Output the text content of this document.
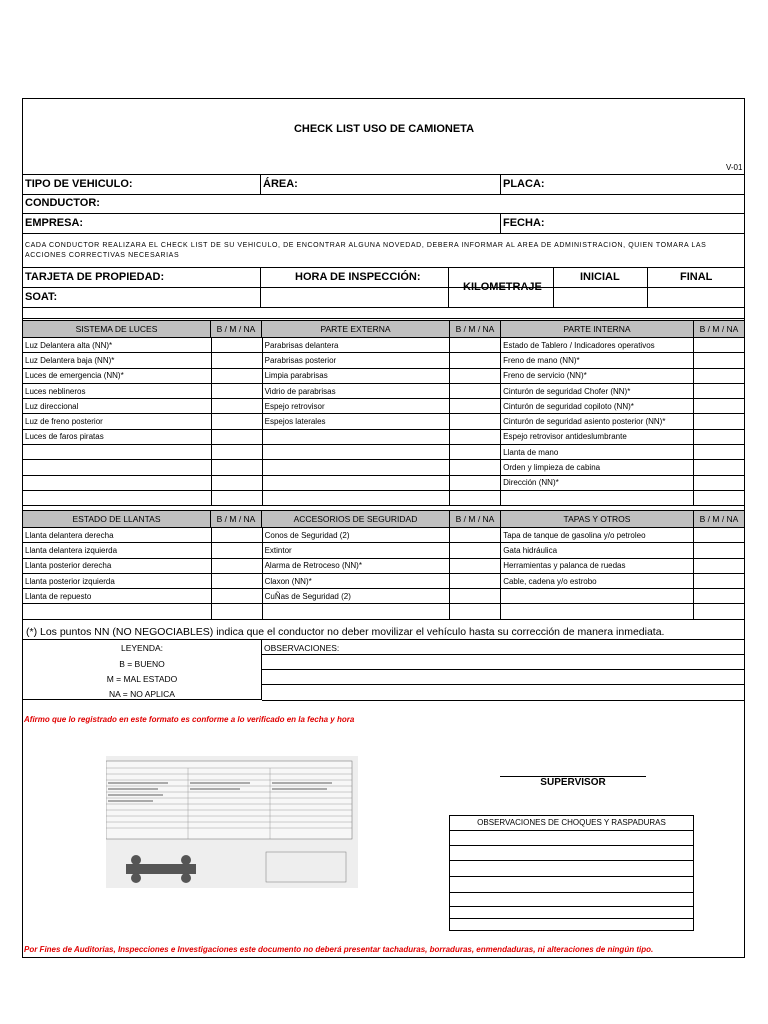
CHECK LIST USO DE CAMIONETA
V-01
TIPO DE VEHICULO:	ÁREA:	PLACA:
CONDUCTOR:
EMPRESA:	FECHA:
CADA CONDUCTOR REALIZARA EL CHECK LIST DE SU VEHICULO, DE ENCONTRAR ALGUNA NOVEDAD, DEBERA INFORMAR AL AREA DE ADMINISTRACION, QUIEN TOMARA LAS ACCIONES CORRECTIVAS NECESARIAS
TARJETA DE PROPIEDAD:	HORA DE INSPECCIÓN:
KILOMETRAJE
INICIAL	FINAL
SOAT:
SISTEMA DE LUCES	B / M / NA	PARTE EXTERNA	B / M / NA	PARTE INTERNA	B / M / NA
Luz Delantera alta (NN)*		Parabrisas delantera		Estado de Tablero / Indicadores operativos	
Luz Delantera baja (NN)*		Parabrisas posterior		Freno de mano (NN)*	
Luces de emergencia (NN)*		Limpia parabrisas		Freno de servicio (NN)*	
Luces neblineros		Vidrio de parabrisas		Cinturón de seguridad Chofer (NN)*	
Luz direccional		Espejo retrovisor		Cinturón de seguridad copiloto (NN)*	
Luz de freno posterior		Espejos laterales		Cinturón de seguridad asiento posterior (NN)*	
Luces de faros piratas				Espejo retrovisor antideslumbrante	
				Llanta de mano	
				Orden y limpieza de cabina	
				Dirección (NN)*	

ESTADO DE LLANTAS	B / M / NA	ACCESORIOS DE SEGURIDAD	B / M / NA	TAPAS Y OTROS	B / M / NA
Llanta delantera derecha		Conos de Seguridad (2)		Tapa de tanque de gasolina y/o petroleo	
Llanta delantera izquierda		Extintor		Gata hidráulica	
Llanta posterior derecha		Alarma de Retroceso (NN)*		Herramientas y palanca de ruedas	
Llanta posterior izquierda		Claxon (NN)*		Cable, cadena y/o estrobo	
Llanta de repuesto		CuÑas de Seguridad (2)			

(*) Los puntos NN (NO NEGOCIABLES) indica que el conductor no deber movilizar el vehículo hasta su corrección de manera inmediata.
LEYENDA:
B = BUENO
M = MAL ESTADO
NA = NO APLICA
OBSERVACIONES:
Afirmo que lo registrado en este formato es conforme a lo verificado en la fecha y hora
SUPERVISOR
OBSERVACIONES DE CHOQUES Y RASPADURAS
Por Fines de Auditorias, Inspecciones e Investigaciones este documento no deberá presentar tachaduras, borraduras, enmendaduras, ni alteraciones de ningún tipo.
